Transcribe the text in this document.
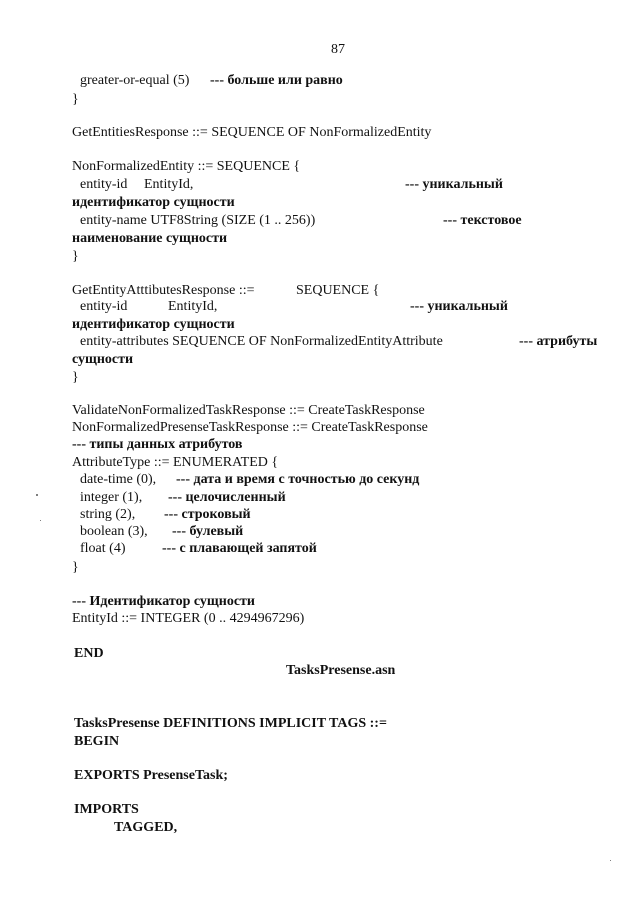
87
greater-or-equal (5) --- больше или равно
}
GetEntitiesResponse ::= SEQUENCE OF NonFormalizedEntity
NonFormalizedEntity ::= SEQUENCE {
entity-id EntityId,	--- уникальный
идентификатор сущности
entity-name UTF8String (SIZE (1 .. 256))	--- текстовое
наименование сущности
}
GetEntityAtttibutesResponse ::=	SEQUENCE {
entity-id	EntityId,	--- уникальный
идентификатор сущности
entity-attributes SEQUENCE OF NonFormalizedEntityAttribute	--- атрибуты
сущности
}
ValidateNonFormalizedTaskResponse ::= CreateTaskResponse
NonFormalizedPresenseTaskResponse ::= CreateTaskResponse
--- типы данных атрибутов
AttributeType ::= ENUMERATED {
date-time (0), --- дата и время с точностью до секунд
integer (1), --- целочисленный
string (2), --- строковый
boolean (3), --- булевый
float (4)	--- с плавающей запятой
}
--- Идентификатор сущности
EntityId ::= INTEGER (0 .. 4294967296)
END
TasksPresense.asn
TasksPresense DEFINITIONS IMPLICIT TAGS ::=
BEGIN
EXPORTS PresenseTask;
IMPORTS
TAGGED,
